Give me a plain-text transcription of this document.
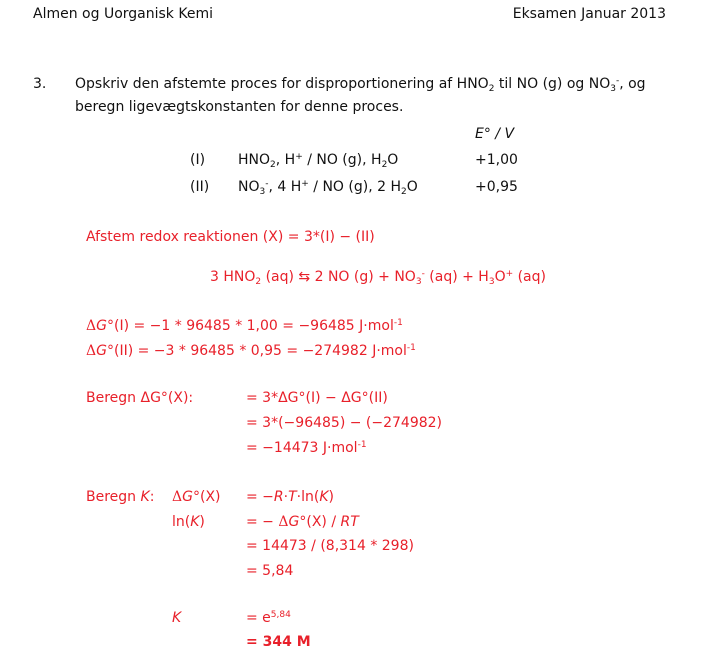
Almen og Uorganisk Kemi	Eksamen Januar 2013
3. Opskriv den afstemte proces for disproportionering af $HNO_2$ til NO (g) og $NO_3^-$, og
beregn ligevægtskonstanten for denne proces.
E° / V
(I) $HNO_2$, H+ / NO (g), $H_2O$	+1,00
(II) $NO_3^-$, 4 H+ / NO (g), 2 $H_2O$	+0,95
Afstem redox reaktionen (X) = 3*(I) − (II)
3 $HNO_2$ (aq) ⇆ 2 NO $(g) + NO_3^-$ $(aq) + H_3O^+$ (aq)
ΔG°(I) = −1 * 96485 * 1,00 = −96485 J·mol$^{-1}$
ΔG°(II) = −3 * 96485 * 0,95 = −274982 J·mol$^{-1}$
Beregn ΔG°(X):	= 3*ΔG°(I) − ΔG°(II)
= 3*(−96485) − (−274982)
= −14473 J·mol$^{-1}$
Beregn K: ΔG°(X) = −R·T·ln(K)
ln(K)	= − ΔG°(X) / RT
= 14473 / (8,314 * 298)
= 5,84
K	= $e^{5,84}$
= 344 M
